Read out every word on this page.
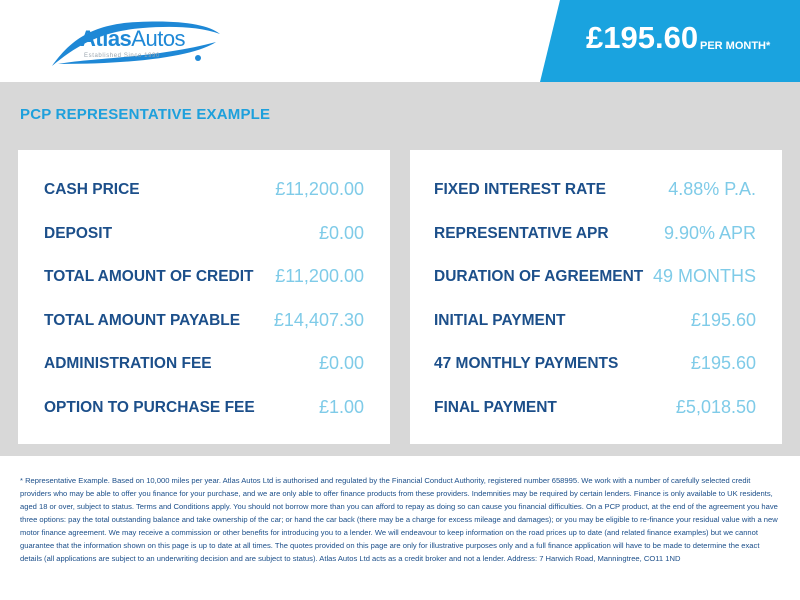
AtlasAutos
Established Since 1990
£195.60 PER MONTH*
PCP REPRESENTATIVE EXAMPLE
CASH PRICE	£11,200.00
DEPOSIT	£0.00
TOTAL AMOUNT OF CREDIT £11,200.00
TOTAL AMOUNT PAYABLE £14,407.30
ADMINISTRATION FEE	£0.00
OPTION TO PURCHASE FEE	£1.00
FIXED INTEREST RATE	4.88% P.A.
REPRESENTATIVE APR	9.90% APR
DURATION OF AGREEMENT 49 MONTHS
INITIAL PAYMENT	£195.60
47 MONTHLY PAYMENTS	£195.60
FINAL PAYMENT	£5,018.50
* Representative Example. Based on 10,000 miles per year. Atlas Autos Ltd is authorised and regulated by the Financial Conduct Authority, registered number 658995. We work with a number of carefully selected credit providers who may be able to offer you finance for your purchase, and we are only able to offer finance products from these providers. Indemnities may be required by certain lenders. Finance is only available to UK residents, aged 18 or over, subject to status. Terms and Conditions apply. You should not borrow more than you can afford to repay as doing so can cause you financial difficulties. On a PCP product, at the end of the agreement you have three options: pay the total outstanding balance and take ownership of the car; or hand the car back (there may be a charge for excess mileage and damages); or you may be eligible to re-finance your residual value with a new motor finance agreement. We may receive a commission or other benefits for introducing you to a lender. We will endeavour to keep information on the road prices up to date (and related finance examples) but we cannot guarantee that the information shown on this page is up to date at all times. The quotes provided on this page are only for illustrative purposes only and a full finance application will have to be made to determine the exact details (all applications are subject to an underwriting decision and are subject to status). Atlas Autos Ltd acts as a credit broker and not a lender. Address: 7 Harwich Road, Manningtree, CO11 1ND
